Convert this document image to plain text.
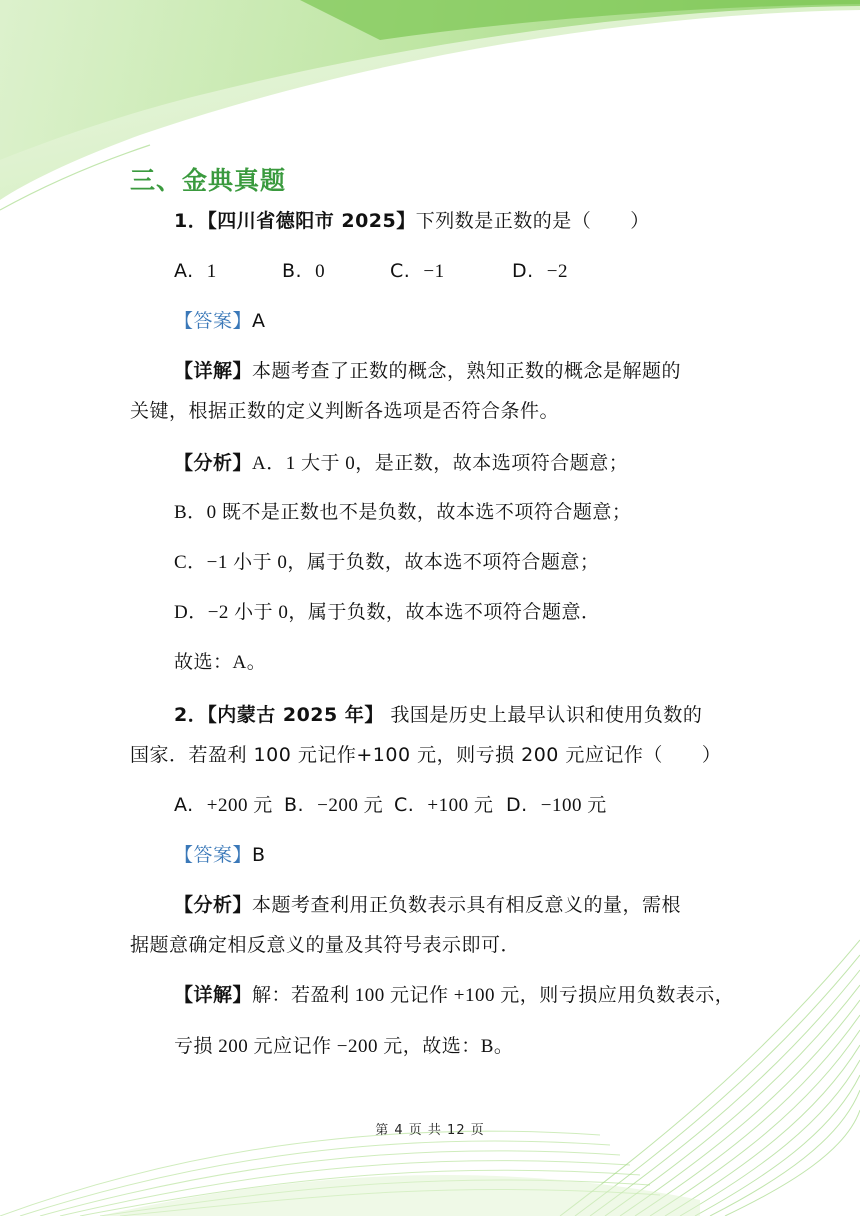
三、金典真题
1．【四川省德阳市 2025】下列数是正数的是（　　）
A. 1	B. 0	C. −1	D. −2
【答案】A
【详解】本题考查了正数的概念，熟知正数的概念是解题的
关键，根据正数的定义判断各选项是否符合条件。
【分析】A．1 大于 0，是正数，故本选项符合题意；
B．0 既不是正数也不是负数，故本选不项符合题意；
C．−1 小于 0，属于负数，故本选不项符合题意；
D．−2 小于 0，属于负数，故本选不项符合题意．
故选：A。
2．【内蒙古 2025 年】 我国是历史上最早认识和使用负数的
国家．若盈利 100 元记作+100 元，则亏损 200 元应记作（　　）
A. +200 元 B. −200 元 C. +100 元 D. −100 元
【答案】B
【分析】本题考查利用正负数表示具有相反意义的量，需根
据题意确定相反意义的量及其符号表示即可．
【详解】解：若盈利 100 元记作 +100 元，则亏损应用负数表示，
亏损 200 元应记作 −200 元，故选：B。
第 4 页 共 12 页
